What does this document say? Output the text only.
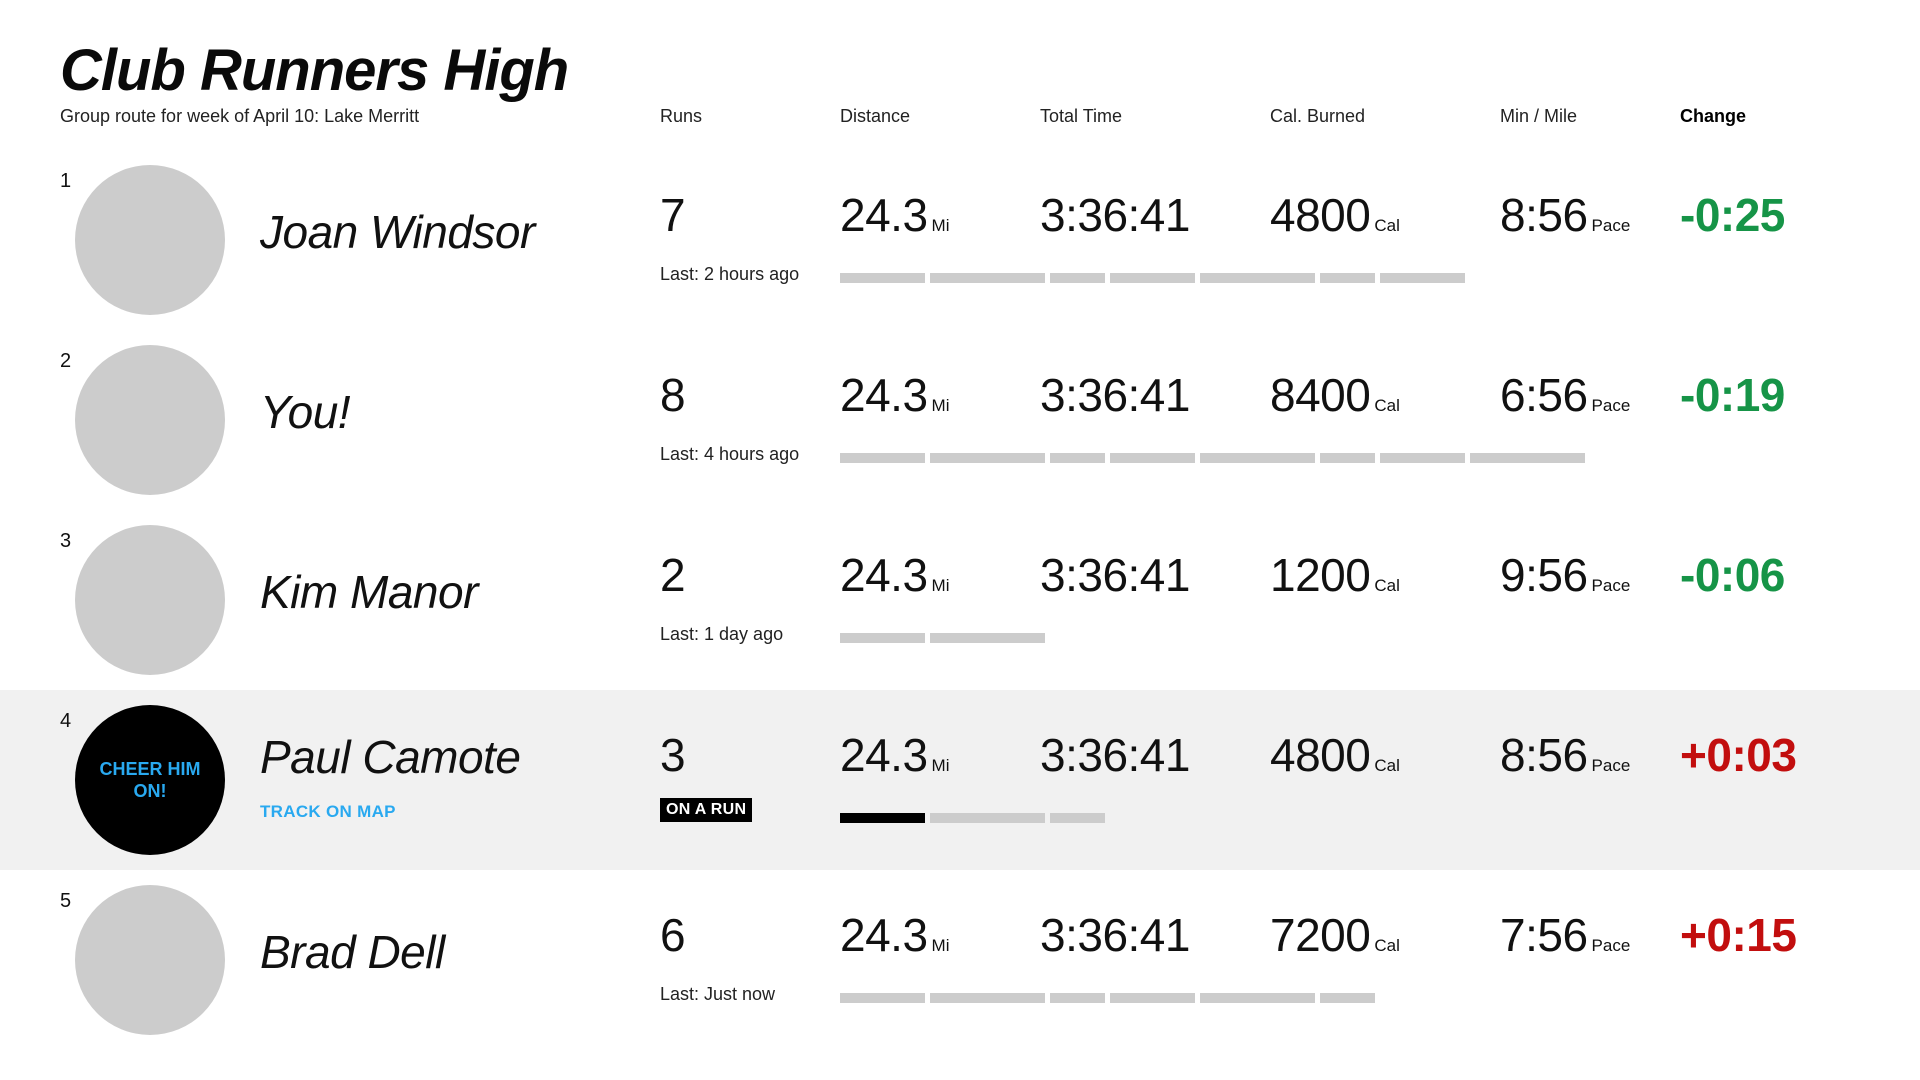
Club Runners High
Group route for week of April 10: Lake Merritt	Runs	Distance	Total Time	Cal. Burned	Min / Mile	Change
1
Joan Windsor	7	24.3 Mi 3:36:41 4800 Cal 8:56 Pace -0:25
Last: 2 hours ago
2
You!	8	24.3 Mi 3:36:41 8400 Cal 6:56 Pace -0:19
Last: 4 hours ago
3
Kim Manor	2	24.3 Mi 3:36:41 1200 Cal 9:56 Pace -0:06
Last: 1 day ago
4
CHEER HIM ON!
Paul Camote
TRACK ON MAP
3	24.3 Mi 3:36:41 4800 Cal 8:56 Pace +0:03
ON A RUN
5
Brad Dell	6	24.3 Mi 3:36:41 7200 Cal 7:56 Pace +0:15
Last: Just now
